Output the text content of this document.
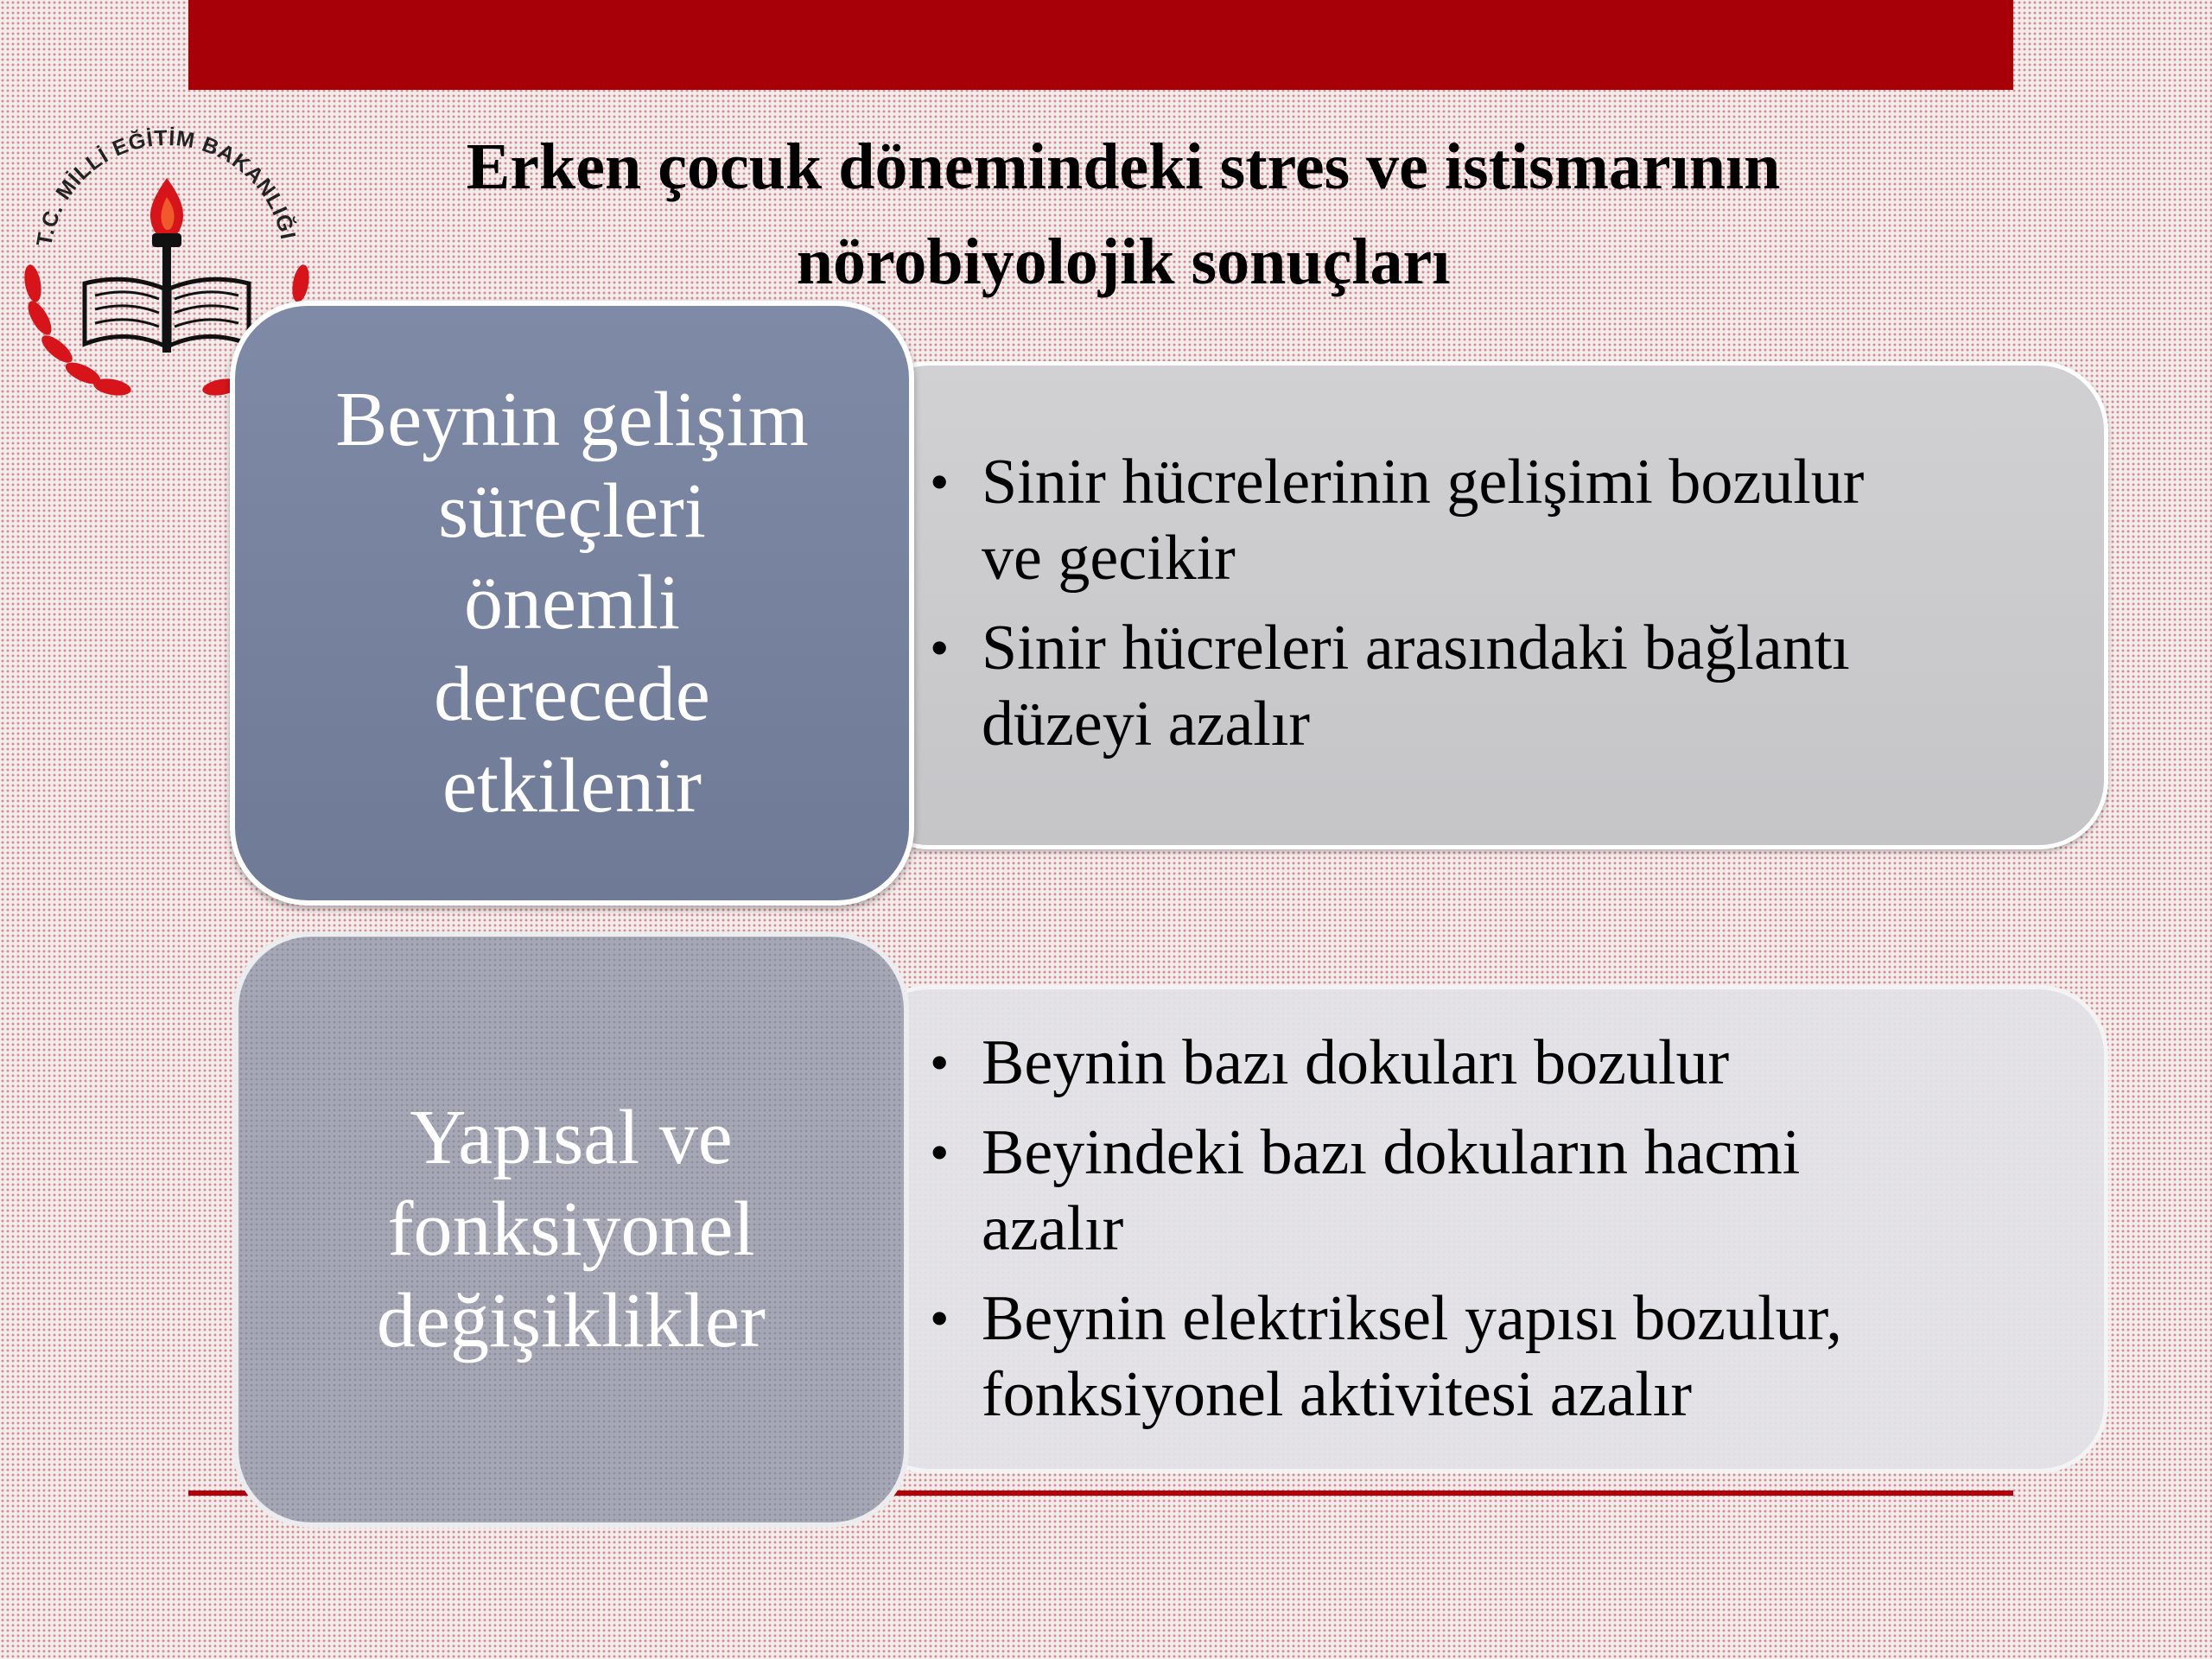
T.C. MİLLİ EĞİTİM BAKANLIĞI
Erken çocuk dönemindeki stres ve istismarının
nörobiyolojik sonuçları
• Sinir hücrelerinin gelişimi bozulur
ve gecikir
• Sinir hücreleri arasındaki bağlantı
düzeyi azalır
Beynin gelişim
süreçleri
önemli
derecede
etkilenir
• Beynin bazı dokuları bozulur
• Beyindeki bazı dokuların hacmi
azalır
• Beynin elektriksel yapısı bozulur,
fonksiyonel aktivitesi azalır
Yapısal ve
fonksiyonel
değişiklikler
